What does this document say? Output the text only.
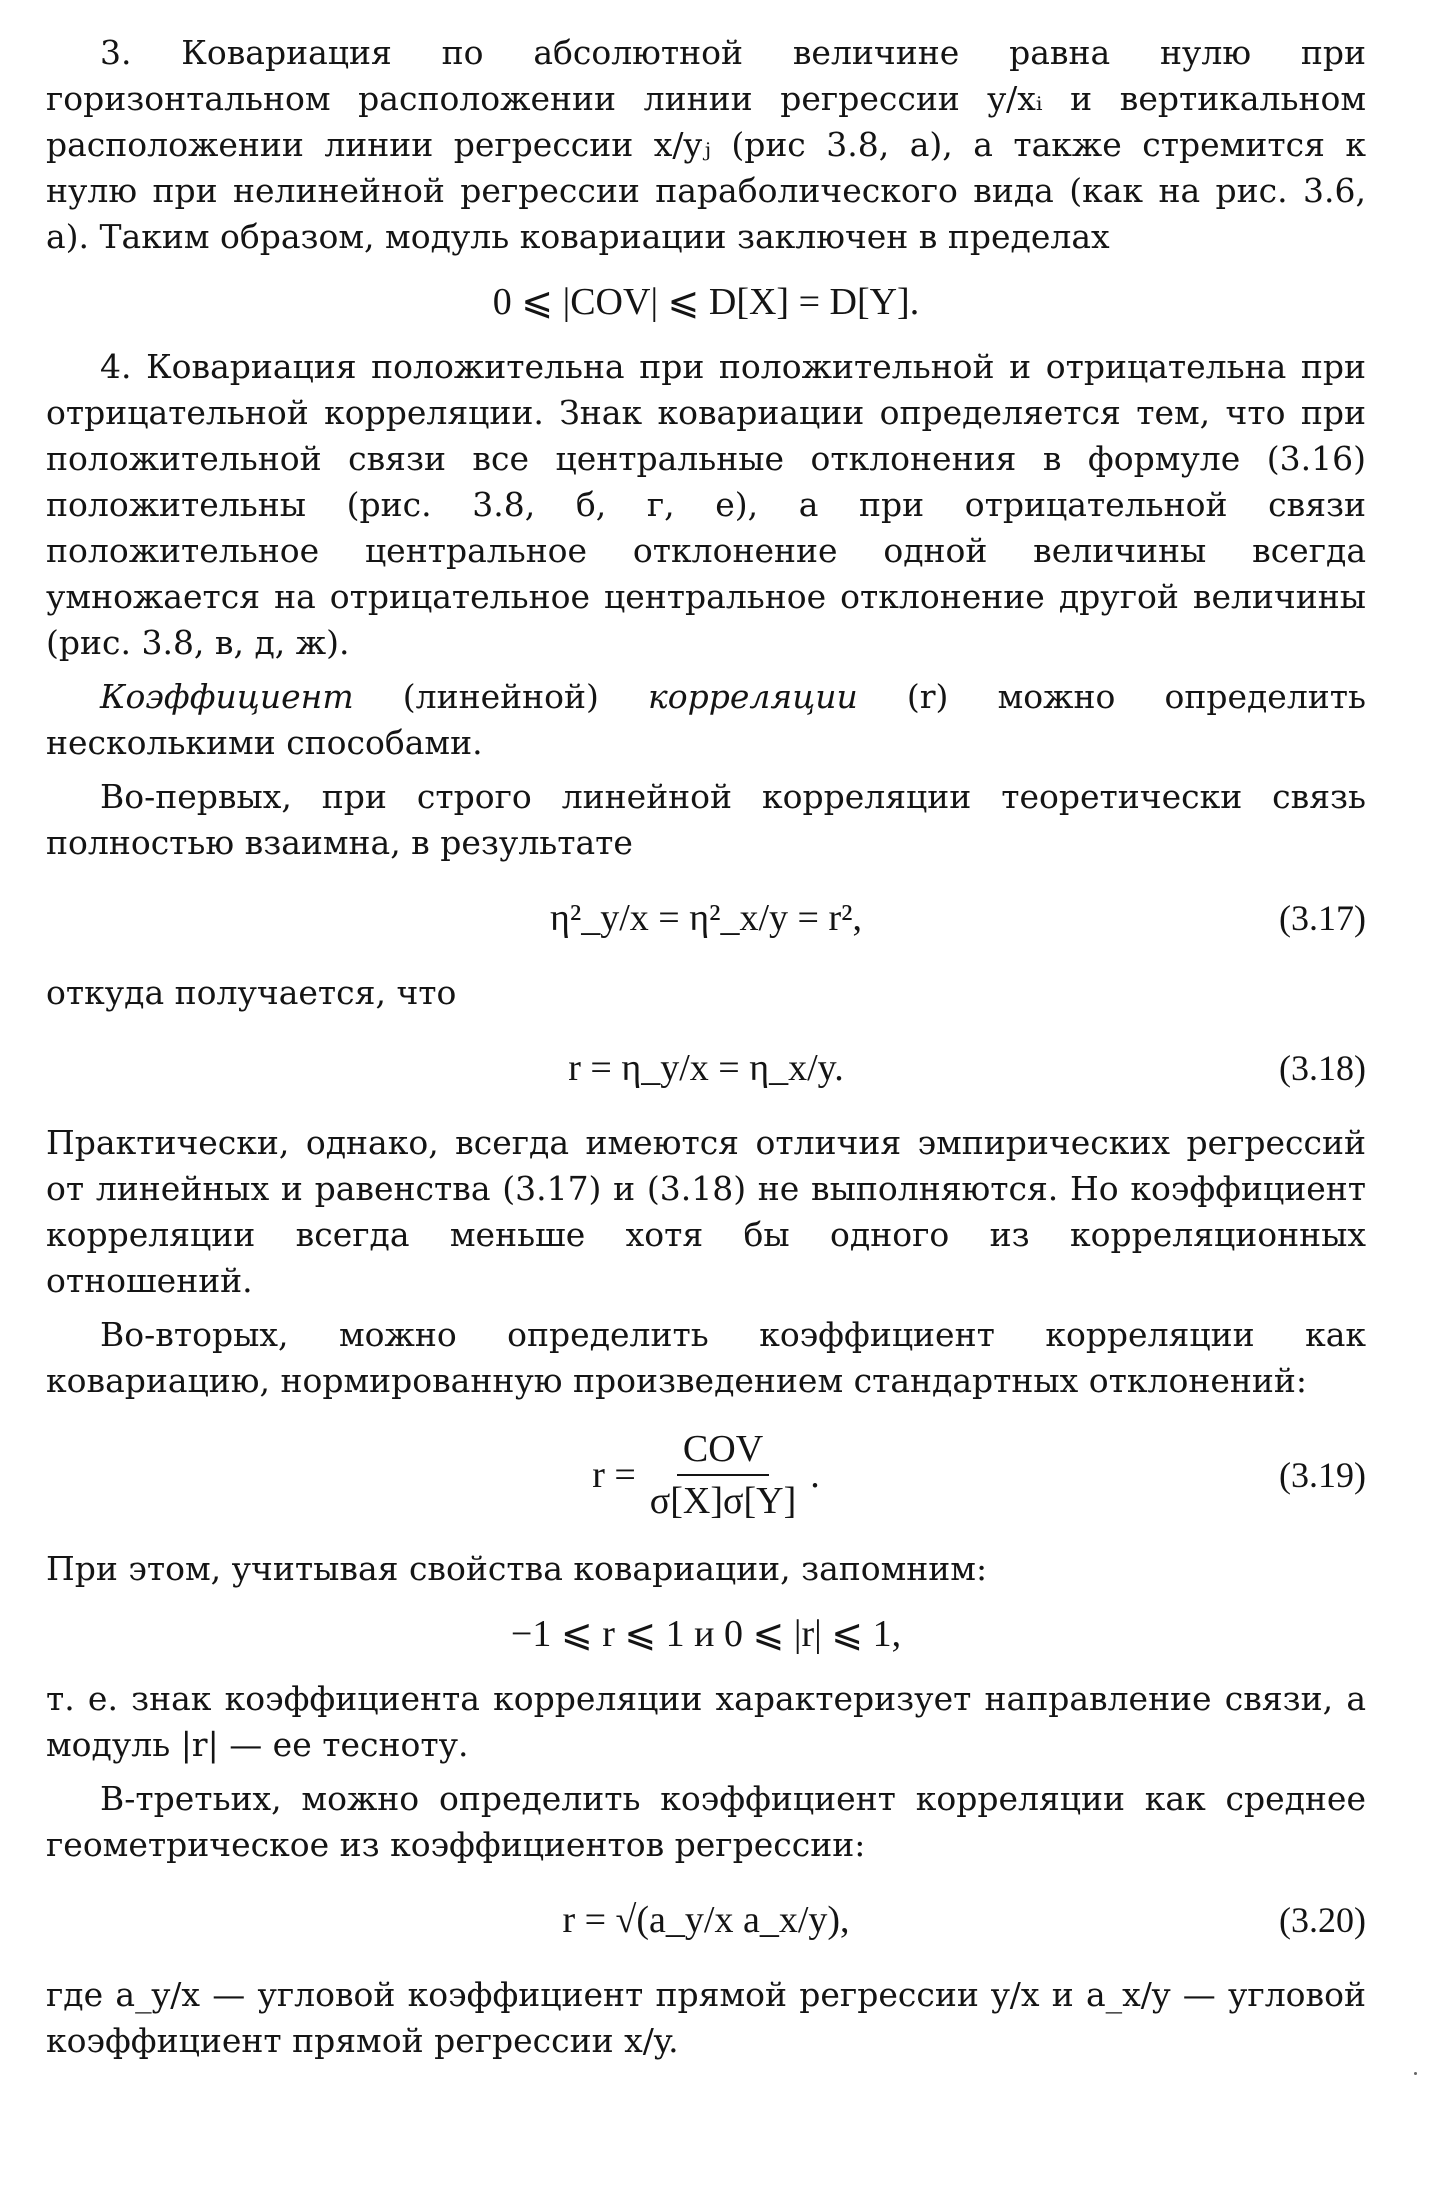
3. Ковариация по абсолютной величине равна нулю при горизонтальном расположении линии регрессии y/xᵢ и вертикальном расположении линии регрессии x/yⱼ (рис 3.8, а), а также стремится к нулю при нелинейной регрессии параболического вида (как на рис. 3.6, а). Таким образом, модуль ковариации заключен в пределах

0 ⩽ |COV| ⩽ D[X] = D[Y].

4. Ковариация положительна при положительной и отрицательна при отрицательной корреляции. Знак ковариации определяется тем, что при положительной связи все центральные отклонения в формуле (3.16) положительны (рис. 3.8, б, г, е), а при отрицательной связи положительное центральное отклонение одной величины всегда умножается на отрицательное центральное отклонение другой величины (рис. 3.8, в, д, ж).

Коэффициент (линейной) корреляции (r) можно определить несколькими способами.

Во-первых, при строго линейной корреляции теоретически связь полностью взаимна, в результате

η²_y/x = η²_x/y = r²,	(3.17)

откуда получается, что

r = η_y/x = η_x/y.	(3.18)

Практически, однако, всегда имеются отличия эмпирических регрессий от линейных и равенства (3.17) и (3.18) не выполняются. Но коэффициент корреляции всегда меньше хотя бы одного из корреляционных отношений.

Во-вторых, можно определить коэффициент корреляции как ковариацию, нормированную произведением стандартных отклонений:

$r = \frac{\text{COV}}{\sigma[X]\sigma[Y]}$ .	(3.19)

При этом, учитывая свойства ковариации, запомним:

−1 ⩽ r ⩽ 1 и 0 ⩽ |r| ⩽ 1,

т. е. знак коэффициента корреляции характеризует направление связи, а модуль |r| — ее тесноту.

В-третьих, можно определить коэффициент корреляции как среднее геометрическое из коэффициентов регрессии:

r = √(a_y/x a_x/y),	(3.20)

где a_y/x — угловой коэффициент прямой регрессии y/x и a_x/y — угловой коэффициент прямой регрессии x/y.
